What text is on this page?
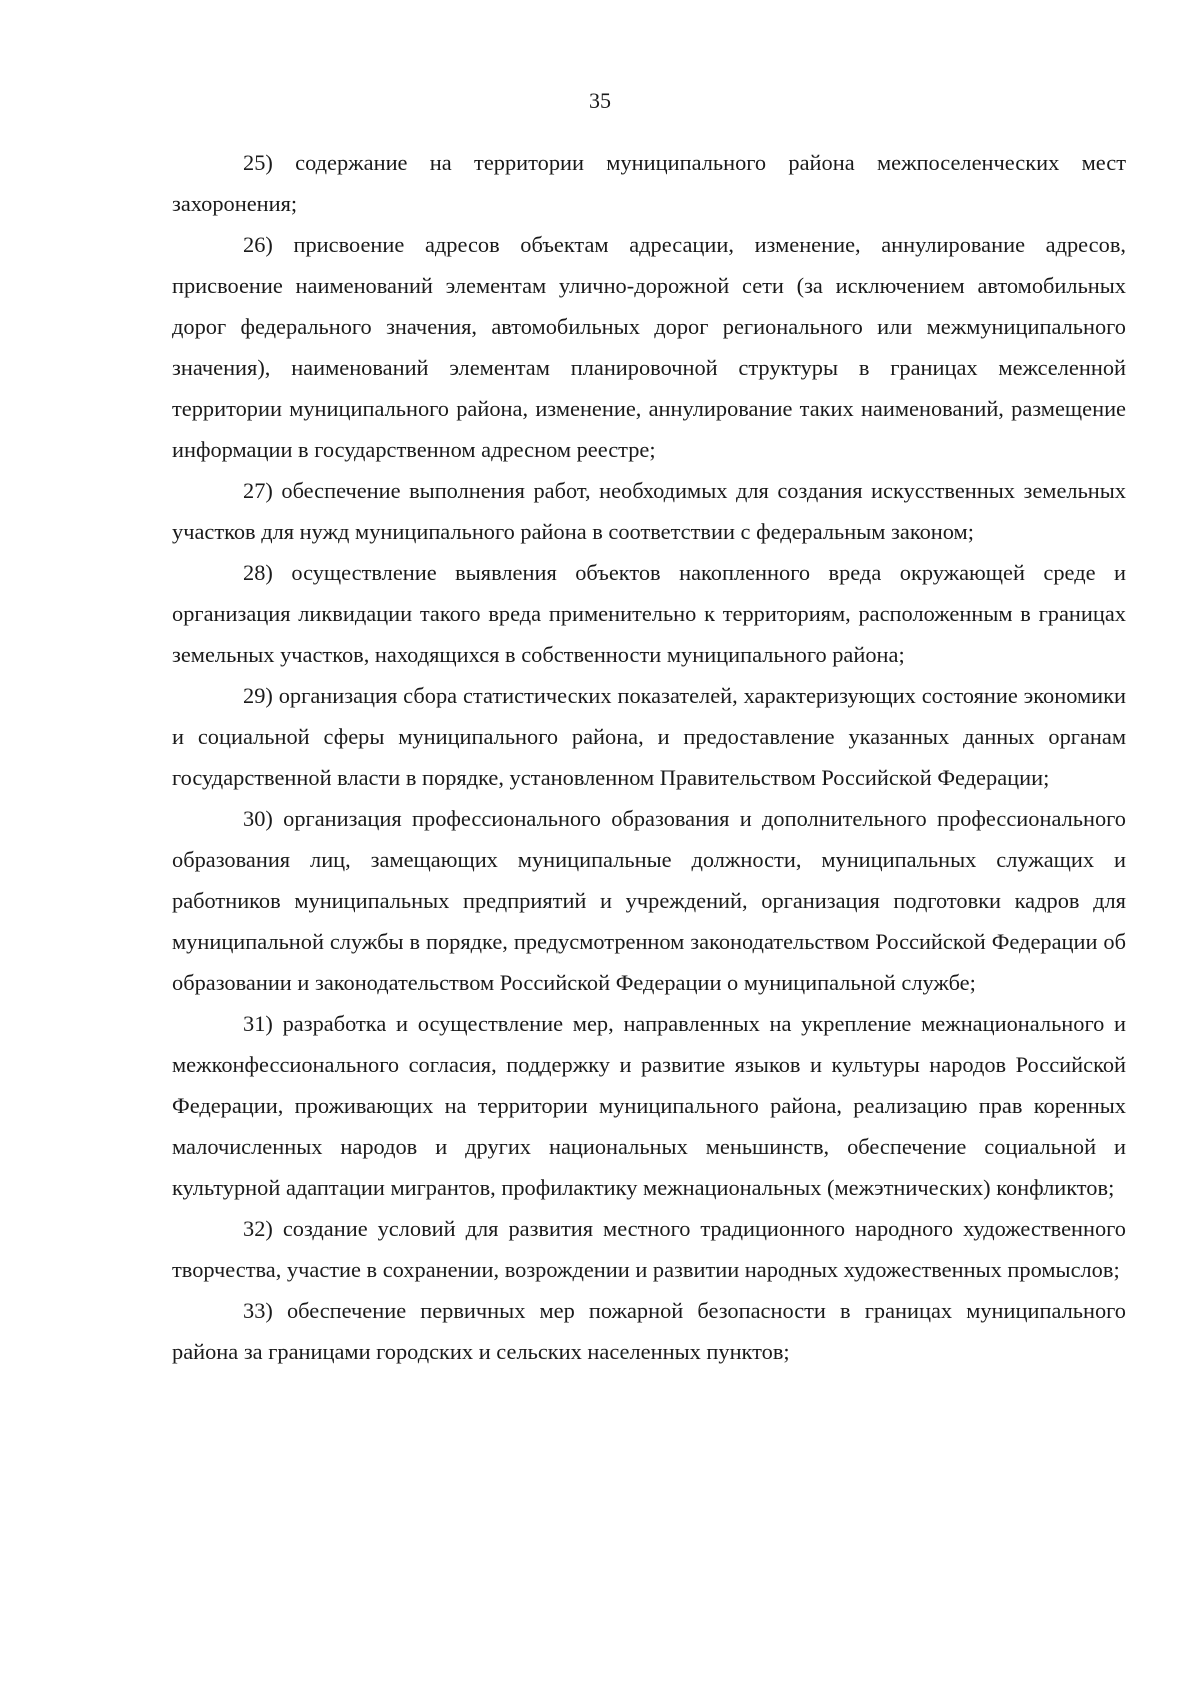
35

25) содержание на территории муниципального района межпоселенческих мест захоронения;

26) присвоение адресов объектам адресации, изменение, аннулирование адресов, присвоение наименований элементам улично-дорожной сети (за исключением автомобильных дорог федерального значения, автомобильных дорог регионального или межмуниципального значения), наименований элементам планировочной структуры в границах межселенной территории муниципального района, изменение, аннулирование таких наименований, размещение информации в государственном адресном реестре;

27) обеспечение выполнения работ, необходимых для создания искусственных земельных участков для нужд муниципального района в соответствии с федеральным законом;

28) осуществление выявления объектов накопленного вреда окружающей среде и организация ликвидации такого вреда применительно к территориям, расположенным в границах земельных участков, находящихся в собственности муниципального района;

29) организация сбора статистических показателей, характеризующих состояние экономики и социальной сферы муниципального района, и предоставление указанных данных органам государственной власти в порядке, установленном Правительством Российской Федерации;

30) организация профессионального образования и дополнительного профессионального образования лиц, замещающих муниципальные должности, муниципальных служащих и работников муниципальных предприятий и учреждений, организация подготовки кадров для муниципальной службы в порядке, предусмотренном законодательством Российской Федерации об образовании и законодательством Российской Федерации о муниципальной службе;

31) разработка и осуществление мер, направленных на укрепление межнационального и межконфессионального согласия, поддержку и развитие языков и культуры народов Российской Федерации, проживающих на территории муниципального района, реализацию прав коренных малочисленных народов и других национальных меньшинств, обеспечение социальной и культурной адаптации мигрантов, профилактику межнациональных (межэтнических) конфликтов;

32) создание условий для развития местного традиционного народного художественного творчества, участие в сохранении, возрождении и развитии народных художественных промыслов;

33) обеспечение первичных мер пожарной безопасности в границах муниципального района за границами городских и сельских населенных пунктов;
